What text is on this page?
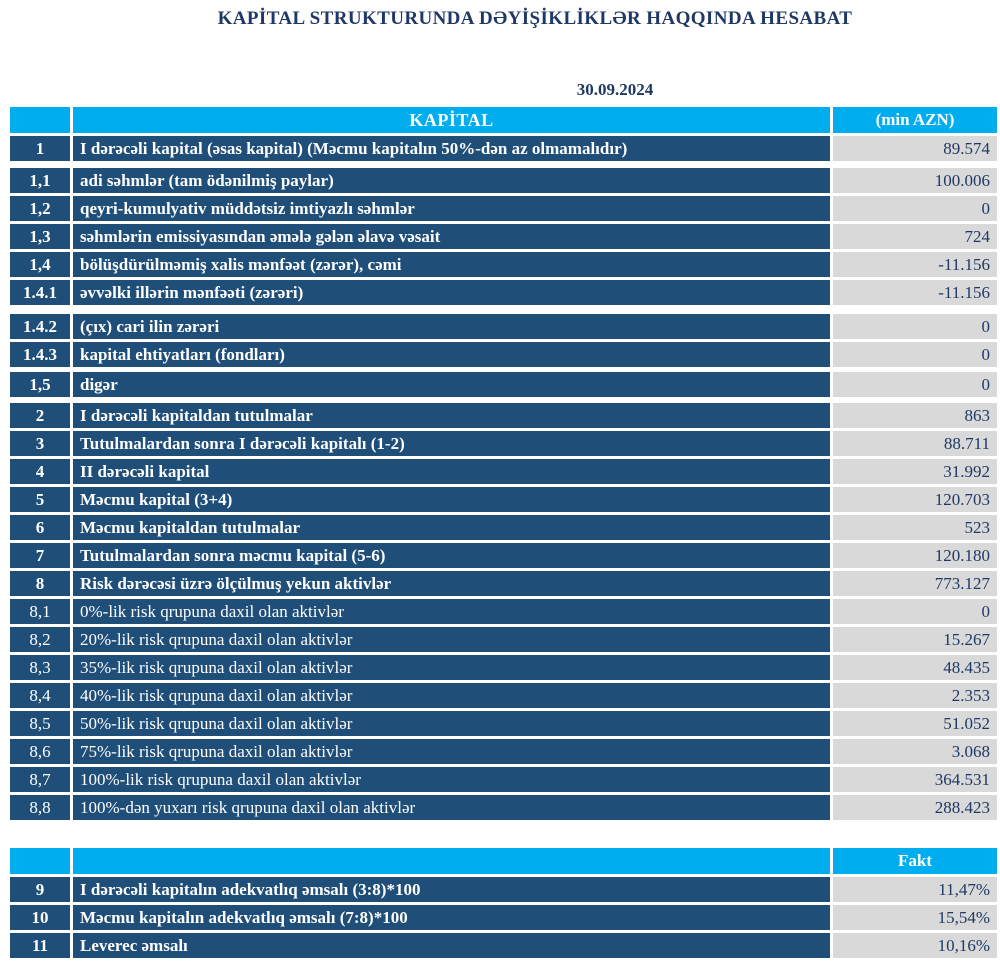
KAPİTAL STRUKTURUNDA DƏYİŞİKLİKLƏR HAQQINDA HESABAT
30.09.2024
KAPİTAL	(min AZN)
1	I dərəcəli kapital (əsas kapital) (Məcmu kapitalın 50%-dən az olmamalıdır)	89.574
1,1	adi səhmlər (tam ödənilmiş paylar)	100.006
1,2	qeyri-kumulyativ müddətsiz imtiyazlı səhmlər	0
1,3	səhmlərin emissiyasından əmələ gələn əlavə vəsait	724
1,4	bölüşdürülməmiş xalis mənfəət (zərər), cəmi	-11.156
1.4.1	əvvəlki illərin mənfəəti (zərəri)	-11.156
1.4.2	(çıx) cari ilin zərəri	0
1.4.3	kapital ehtiyatları (fondları)	0
1,5	digər	0
2	I dərəcəli kapitaldan tutulmalar	863
3	Tutulmalardan sonra I dərəcəli kapitalı (1-2)	88.711
4	II dərəcəli kapital	31.992
5	Məcmu kapital (3+4)	120.703
6	Məcmu kapitaldan tutulmalar	523
7	Tutulmalardan sonra məcmu kapital (5-6)	120.180
8	Risk dərəcəsi üzrə ölçülmuş yekun aktivlər	773.127
8,1	0%-lik risk qrupuna daxil olan aktivlər	0
8,2	20%-lik risk qrupuna daxil olan aktivlər	15.267
8,3	35%-lik risk qrupuna daxil olan aktivlər	48.435
8,4	40%-lik risk qrupuna daxil olan aktivlər	2.353
8,5	50%-lik risk qrupuna daxil olan aktivlər	51.052
8,6	75%-lik risk qrupuna daxil olan aktivlər	3.068
8,7	100%-lik risk qrupuna daxil olan aktivlər	364.531
8,8	100%-dən yuxarı risk qrupuna daxil olan aktivlər	288.423
Fakt
9	I dərəcəli kapitalın adekvatlıq əmsalı (3:8)*100	11,47%
10	Məcmu kapitalın adekvatlıq əmsalı (7:8)*100	15,54%
11	Leverec əmsalı	10,16%
